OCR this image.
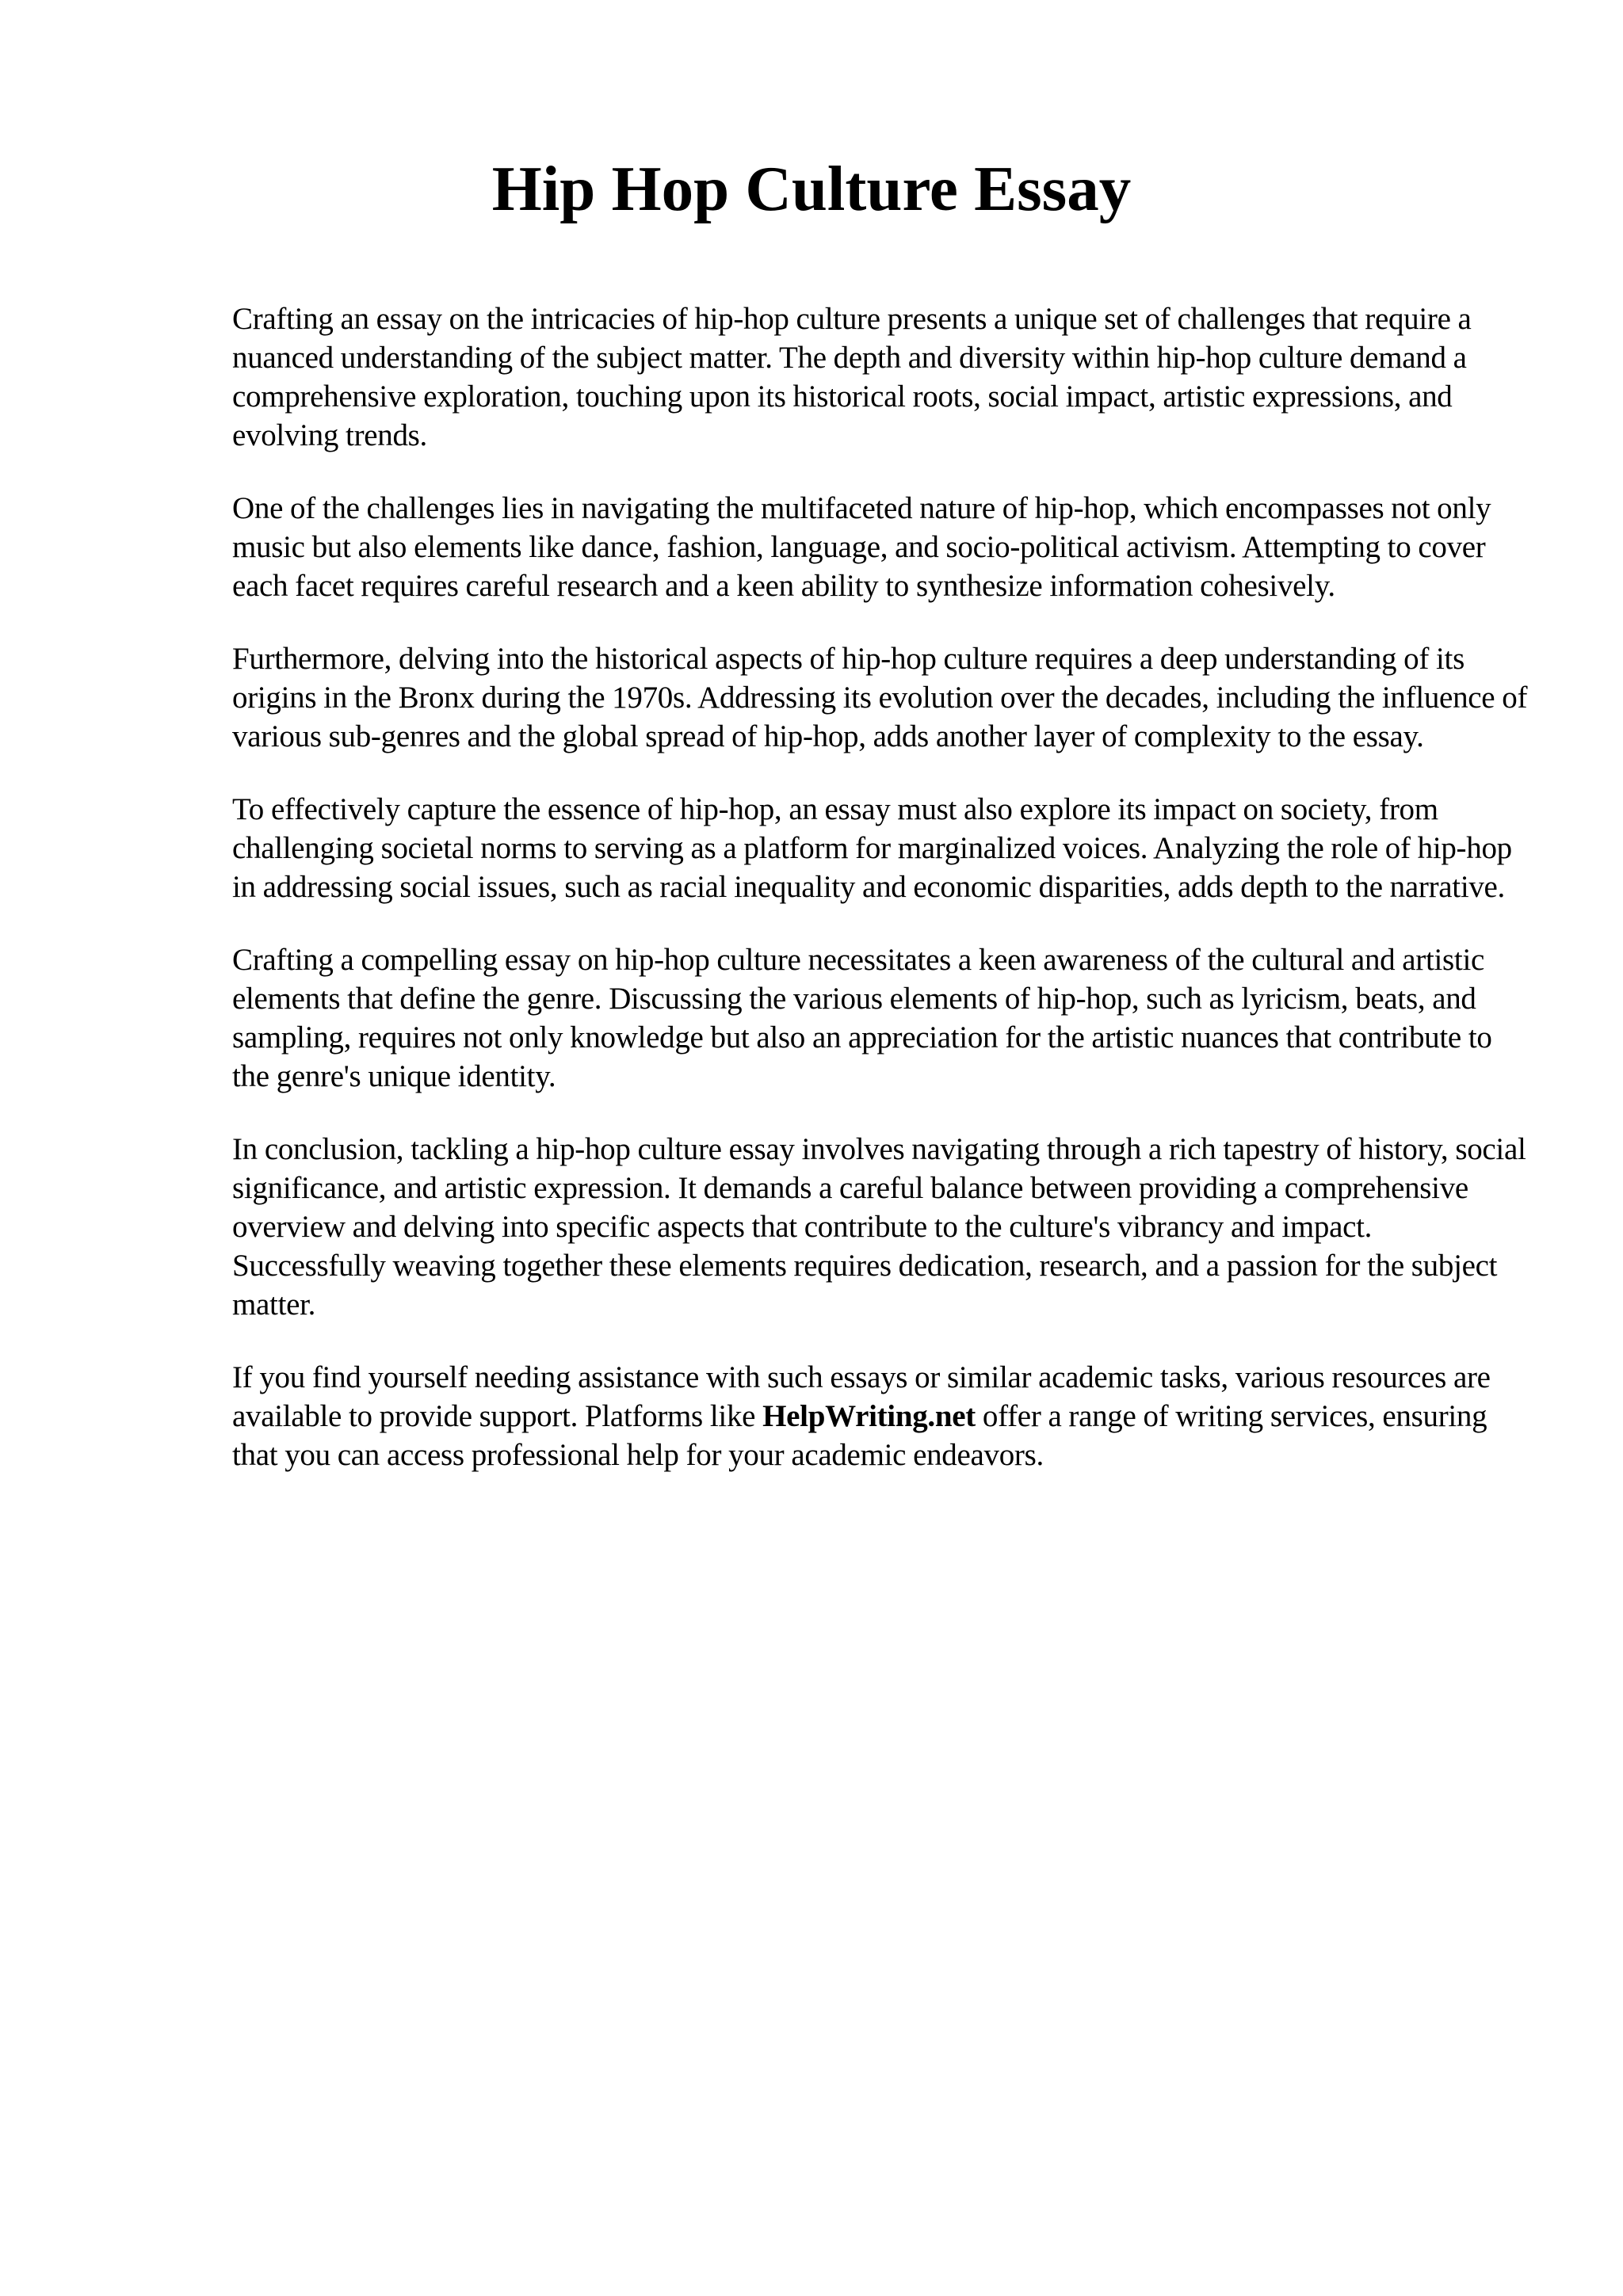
Hip Hop Culture Essay

Crafting an essay on the intricacies of hip-hop culture presents a unique set of challenges that require a nuanced understanding of the subject matter. The depth and diversity within hip-hop culture demand a comprehensive exploration, touching upon its historical roots, social impact, artistic expressions, and evolving trends.

One of the challenges lies in navigating the multifaceted nature of hip-hop, which encompasses not only music but also elements like dance, fashion, language, and socio-political activism. Attempting to cover each facet requires careful research and a keen ability to synthesize information cohesively.

Furthermore, delving into the historical aspects of hip-hop culture requires a deep understanding of its origins in the Bronx during the 1970s. Addressing its evolution over the decades, including the influence of various sub-genres and the global spread of hip-hop, adds another layer of complexity to the essay.

To effectively capture the essence of hip-hop, an essay must also explore its impact on society, from challenging societal norms to serving as a platform for marginalized voices. Analyzing the role of hip-hop in addressing social issues, such as racial inequality and economic disparities, adds depth to the narrative.

Crafting a compelling essay on hip-hop culture necessitates a keen awareness of the cultural and artistic elements that define the genre. Discussing the various elements of hip-hop, such as lyricism, beats, and sampling, requires not only knowledge but also an appreciation for the artistic nuances that contribute to the genre's unique identity.

In conclusion, tackling a hip-hop culture essay involves navigating through a rich tapestry of history, social significance, and artistic expression. It demands a careful balance between providing a comprehensive overview and delving into specific aspects that contribute to the culture's vibrancy and impact. Successfully weaving together these elements requires dedication, research, and a passion for the subject matter.

If you find yourself needing assistance with such essays or similar academic tasks, various resources are available to provide support. Platforms like HelpWriting.net offer a range of writing services, ensuring that you can access professional help for your academic endeavors.
